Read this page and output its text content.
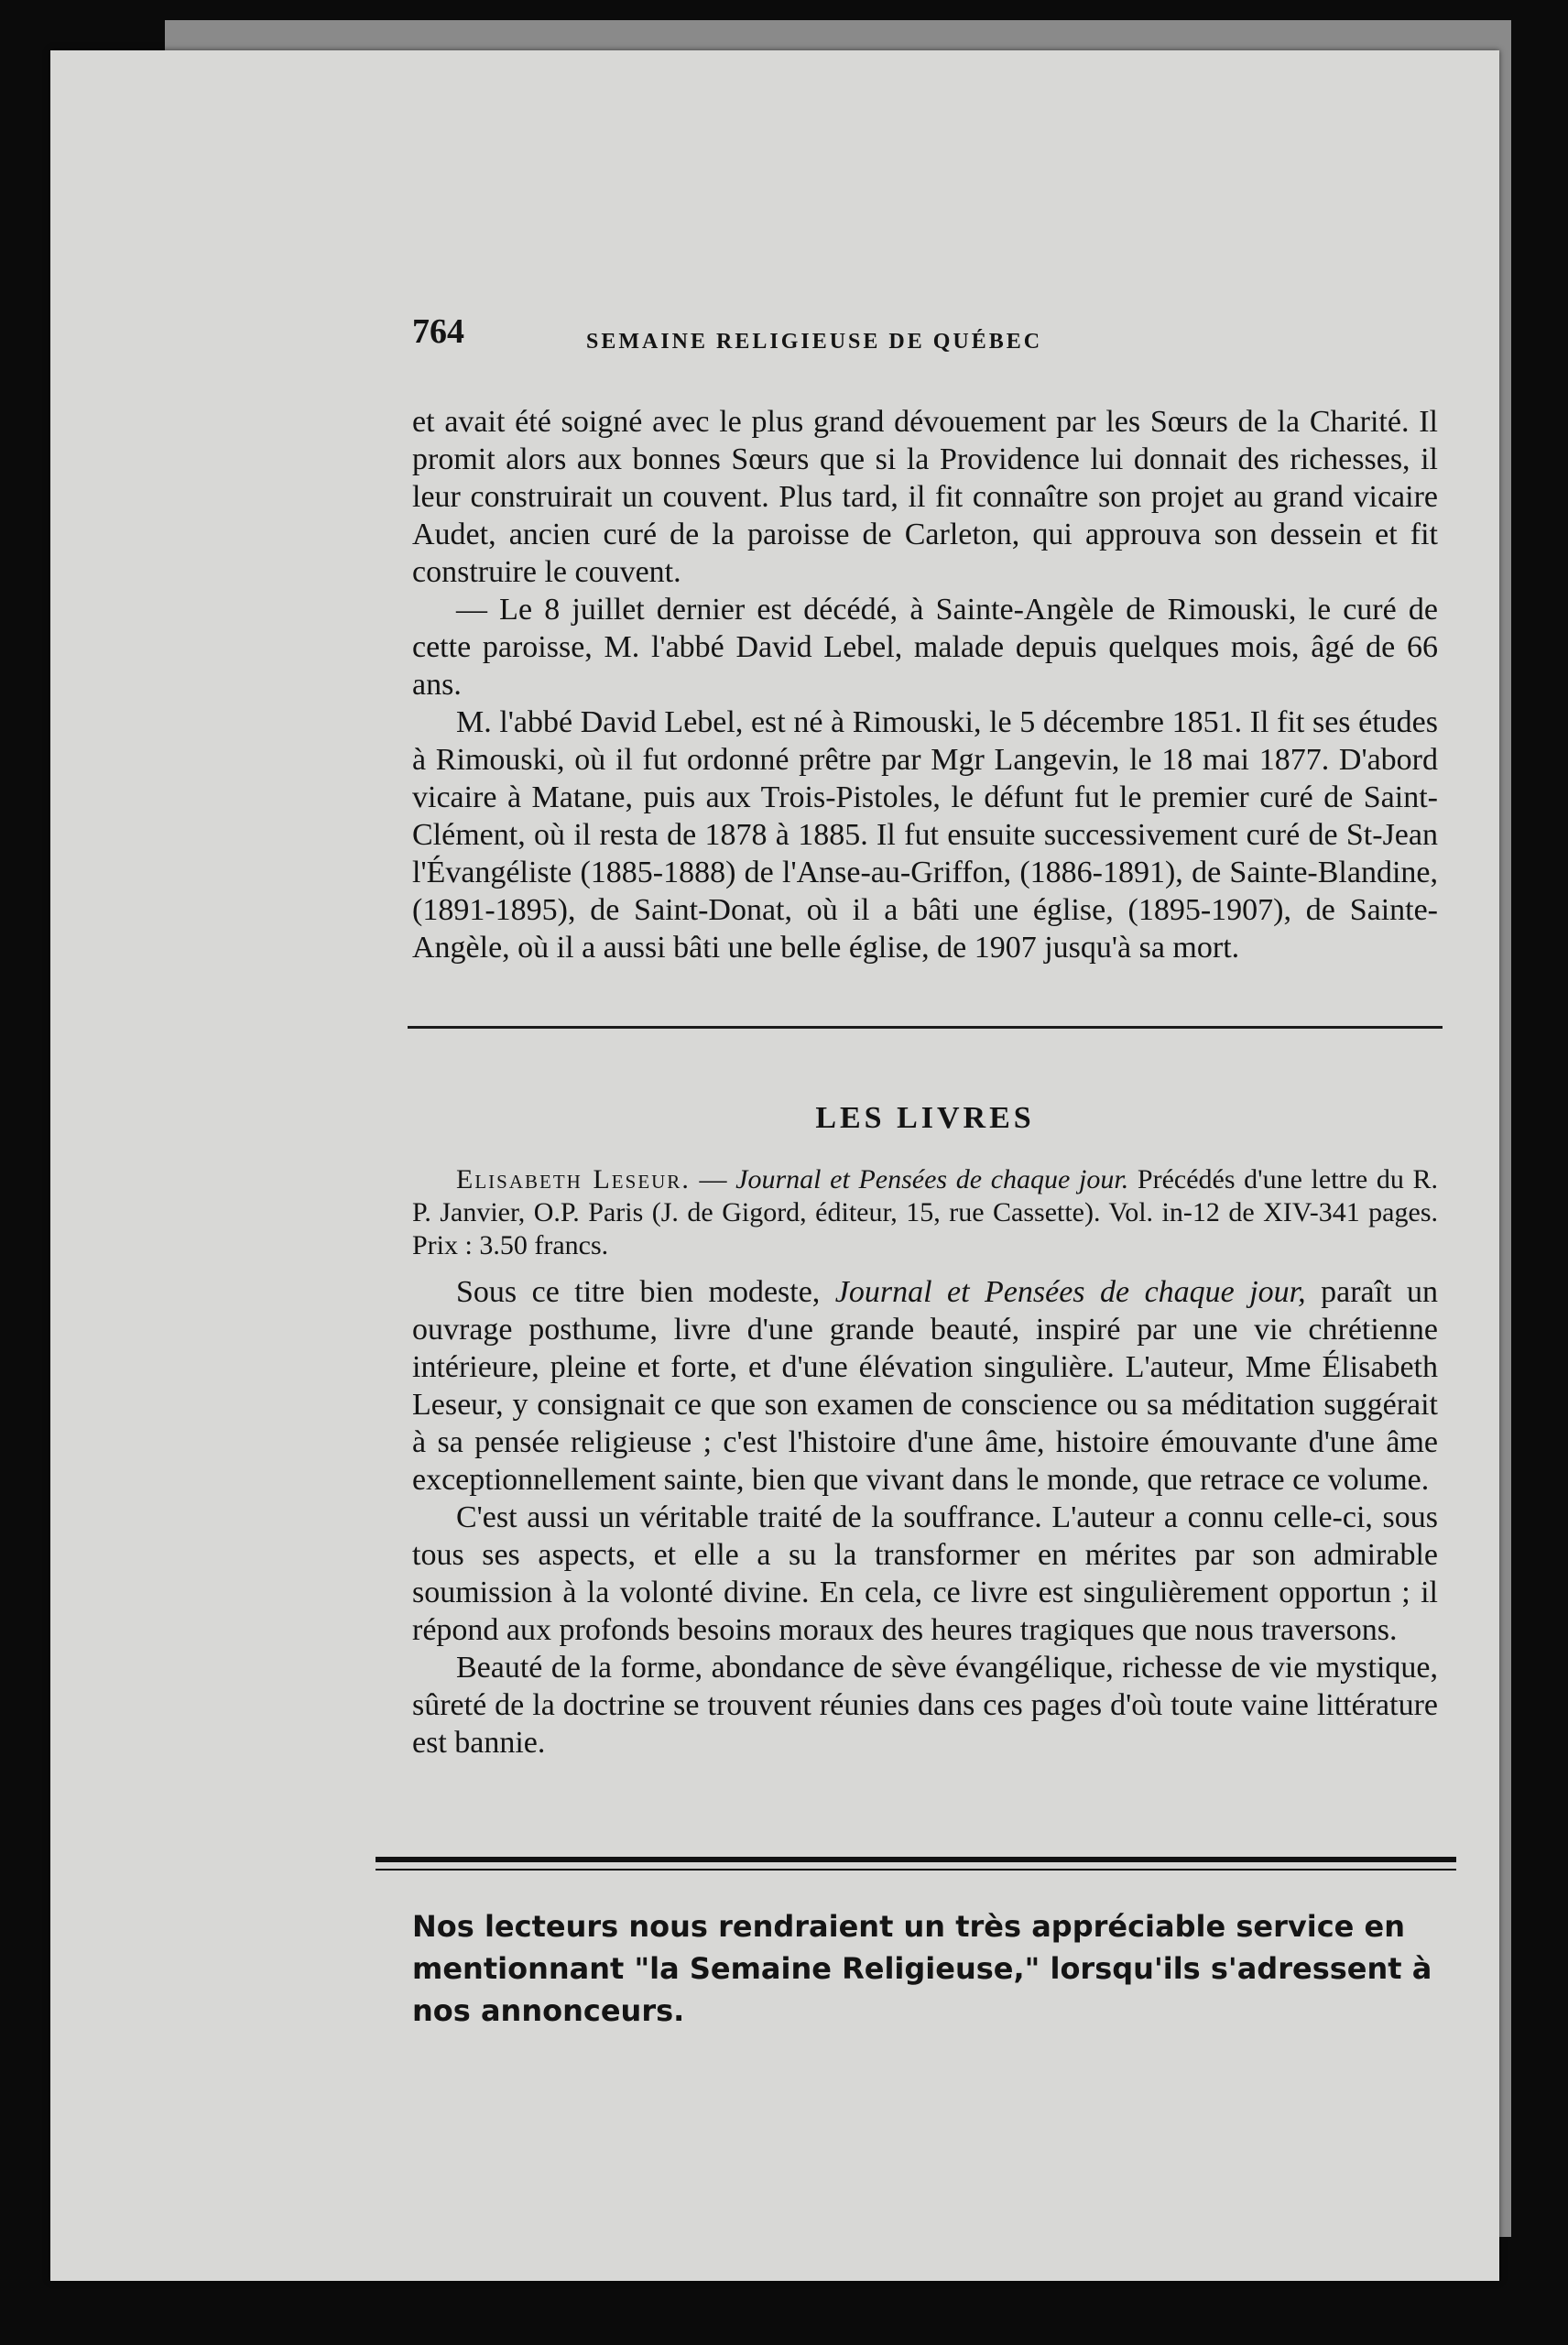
764	SEMAINE RELIGIEUSE DE QUÉBEC

et avait été soigné avec le plus grand dévouement par les Sœurs de la Charité. Il promit alors aux bonnes Sœurs que si la Providence lui donnait des richesses, il leur construirait un couvent. Plus tard, il fit connaître son projet au grand vicaire Audet, ancien curé de la paroisse de Carleton, qui approuva son dessein et fit construire le couvent.

— Le 8 juillet dernier est décédé, à Sainte-Angèle de Rimouski, le curé de cette paroisse, M. l'abbé David Lebel, malade depuis quelques mois, âgé de 66 ans.

M. l'abbé David Lebel, est né à Rimouski, le 5 décembre 1851. Il fit ses études à Rimouski, où il fut ordonné prêtre par Mgr Langevin, le 18 mai 1877. D'abord vicaire à Matane, puis aux Trois-Pistoles, le défunt fut le premier curé de Saint-Clément, où il resta de 1878 à 1885. Il fut ensuite successivement curé de St-Jean l'Évangéliste (1885-1888) de l'Anse-au-Griffon, (1886-1891), de Sainte-Blandine, (1891-1895), de Saint-Donat, où il a bâti une église, (1895-1907), de Sainte-Angèle, où il a aussi bâti une belle église, de 1907 jusqu'à sa mort.

LES LIVRES

Elisabeth Leseur. — Journal et Pensées de chaque jour. Précédés d'une lettre du R. P. Janvier, O.P. Paris (J. de Gigord, éditeur, 15, rue Cassette). Vol. in-12 de XIV-341 pages. Prix : 3.50 francs.

Sous ce titre bien modeste, Journal et Pensées de chaque jour, paraît un ouvrage posthume, livre d'une grande beauté, inspiré par une vie chrétienne intérieure, pleine et forte, et d'une élévation singulière. L'auteur, Mme Élisabeth Leseur, y consignait ce que son examen de conscience ou sa méditation suggérait à sa pensée religieuse ; c'est l'histoire d'une âme, histoire émouvante d'une âme exceptionnellement sainte, bien que vivant dans le monde, que retrace ce volume.

C'est aussi un véritable traité de la souffrance. L'auteur a connu celle-ci, sous tous ses aspects, et elle a su la transformer en mérites par son admirable soumission à la volonté divine. En cela, ce livre est singulièrement opportun ; il répond aux profonds besoins moraux des heures tragiques que nous traversons.

Beauté de la forme, abondance de sève évangélique, richesse de vie mystique, sûreté de la doctrine se trouvent réunies dans ces pages d'où toute vaine littérature est bannie.

Nos lecteurs nous rendraient un très appréciable service en mentionnant "la Semaine Religieuse," lorsqu'ils s'adressent à nos annonceurs.
